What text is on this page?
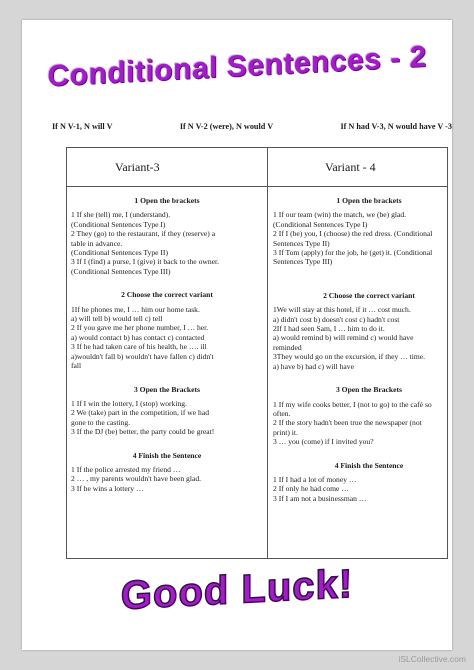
Conditional Sentences - 2
If N V-1, N will V	If N V-2 (were), N would V	If N had V-3, N would have V -3
Variant-3	Variant - 4
1 Open the brackets

1 If she (tell) me, I (understand).

(Conditional Sentences Type I)

2 They (go) to the restaurant, if they (reserve) a

table in advance.

(Conditional Sentences Type II)

3 If I (find) a purse, I (give) it back to the owner.

(Conditional Sentences Type III)

2 Choose the correct variant

1If he phones me, I … him our home task.

a) will tell b) would tell c) tell

2 If you gave me her phone number, I … her.

a) would contact b) has contact c) contacted

3 If he had taken care of his health, he …. ill

a)wouldn't fall b) wouldn't have fallen c) didn't

fall

3 Open the Brackets

1 If I win the lottery, I (stop) working.

2 We (take) part in the competition, if we had

gone to the casting.

3 If the DJ (be) better, the party could be great!

4 Finish the Sentence

1 If the police arrested my friend …

2 … , my parents wouldn't have been glad.

3 If he wins a lottery …

1 Open the brackets

1 If our team (win) the match, we (be) glad.

(Conditional Sentences Type I)

2 If I (be) you, I (choose) the red dress. (Conditional

Sentences Type II)

3 If Tom (apply) for the job, he (get) it. (Conditional

Sentences Type III)

2 Choose the correct variant

1We will stay at this hotel, if it … cost much.

a) didn't cost b) doesn't cost c) hadn't cost

2If I had seen Sam, I … him to do it.

a) would remind b) will remind c) would have

reminded

3They would go on the excursion, if they … time.

a) have b) had c) will have

3 Open the Brackets

1 If my wife cooks better, I (not to go) to the café so

often.

2 If the story hadn't been true the newspaper (not

print) it.

3 … you (come) if I invited you?

4 Finish the Sentence

1 If I had a lot of money …

2 If only he had come …

3 If I am not a businessman …

Good Luck!
iSLCollective.com
